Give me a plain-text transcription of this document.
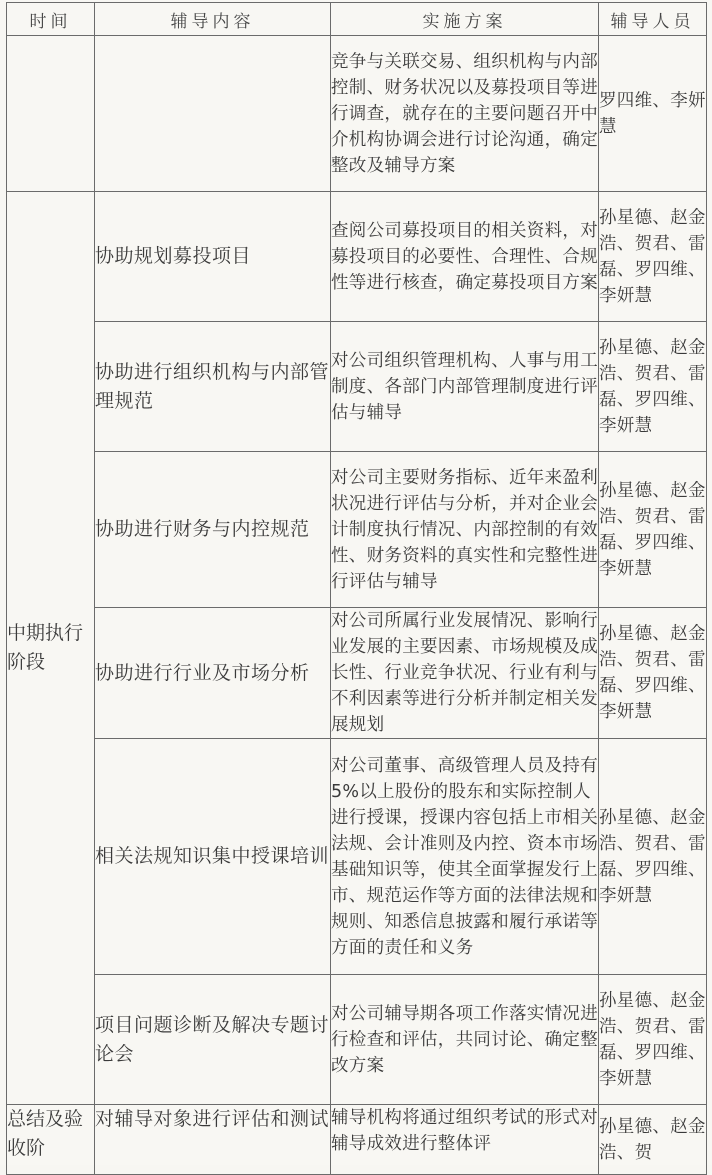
时间	辅导内容	实施方案	辅导人员
		竞争与关联交易、组织机构与内部控制、财务状况以及募投项目等进行调查，就存在的主要问题召开中介机构协调会进行讨论沟通，确定整改及辅导方案	罗四维、李妍慧
中期执行阶段	协助规划募投项目	查阅公司募投项目的相关资料，对募投项目的必要性、合理性、合规性等进行核查，确定募投项目方案	孙星德、赵金浩、贺君、雷磊、罗四维、李妍慧
	协助进行组织机构与内部管理规范	对公司组织管理机构、人事与用工制度、各部门内部管理制度进行评估与辅导	孙星德、赵金浩、贺君、雷磊、罗四维、李妍慧
	协助进行财务与内控规范	对公司主要财务指标、近年来盈利状况进行评估与分析，并对企业会计制度执行情况、内部控制的有效性、财务资料的真实性和完整性进行评估与辅导	孙星德、赵金浩、贺君、雷磊、罗四维、李妍慧
	协助进行行业及市场分析	对公司所属行业发展情况、影响行业发展的主要因素、市场规模及成长性、行业竞争状况、行业有利与不利因素等进行分析并制定相关发展规划	孙星德、赵金浩、贺君、雷磊、罗四维、李妍慧
	相关法规知识集中授课培训	对公司董事、高级管理人员及持有5%以上股份的股东和实际控制人进行授课，授课内容包括上市相关法规、会计准则及内控、资本市场基础知识等，使其全面掌握发行上市、规范运作等方面的法律法规和规则、知悉信息披露和履行承诺等方面的责任和义务	孙星德、赵金浩、贺君、雷磊、罗四维、李妍慧
	项目问题诊断及解决专题讨论会	对公司辅导期各项工作落实情况进行检查和评估，共同讨论、确定整改方案	孙星德、赵金浩、贺君、雷磊、罗四维、李妍慧
总结及验收阶	对辅导对象进行评估和测试	辅导机构将通过组织考试的形式对辅导成效进行整体评	孙星德、赵金浩、贺
